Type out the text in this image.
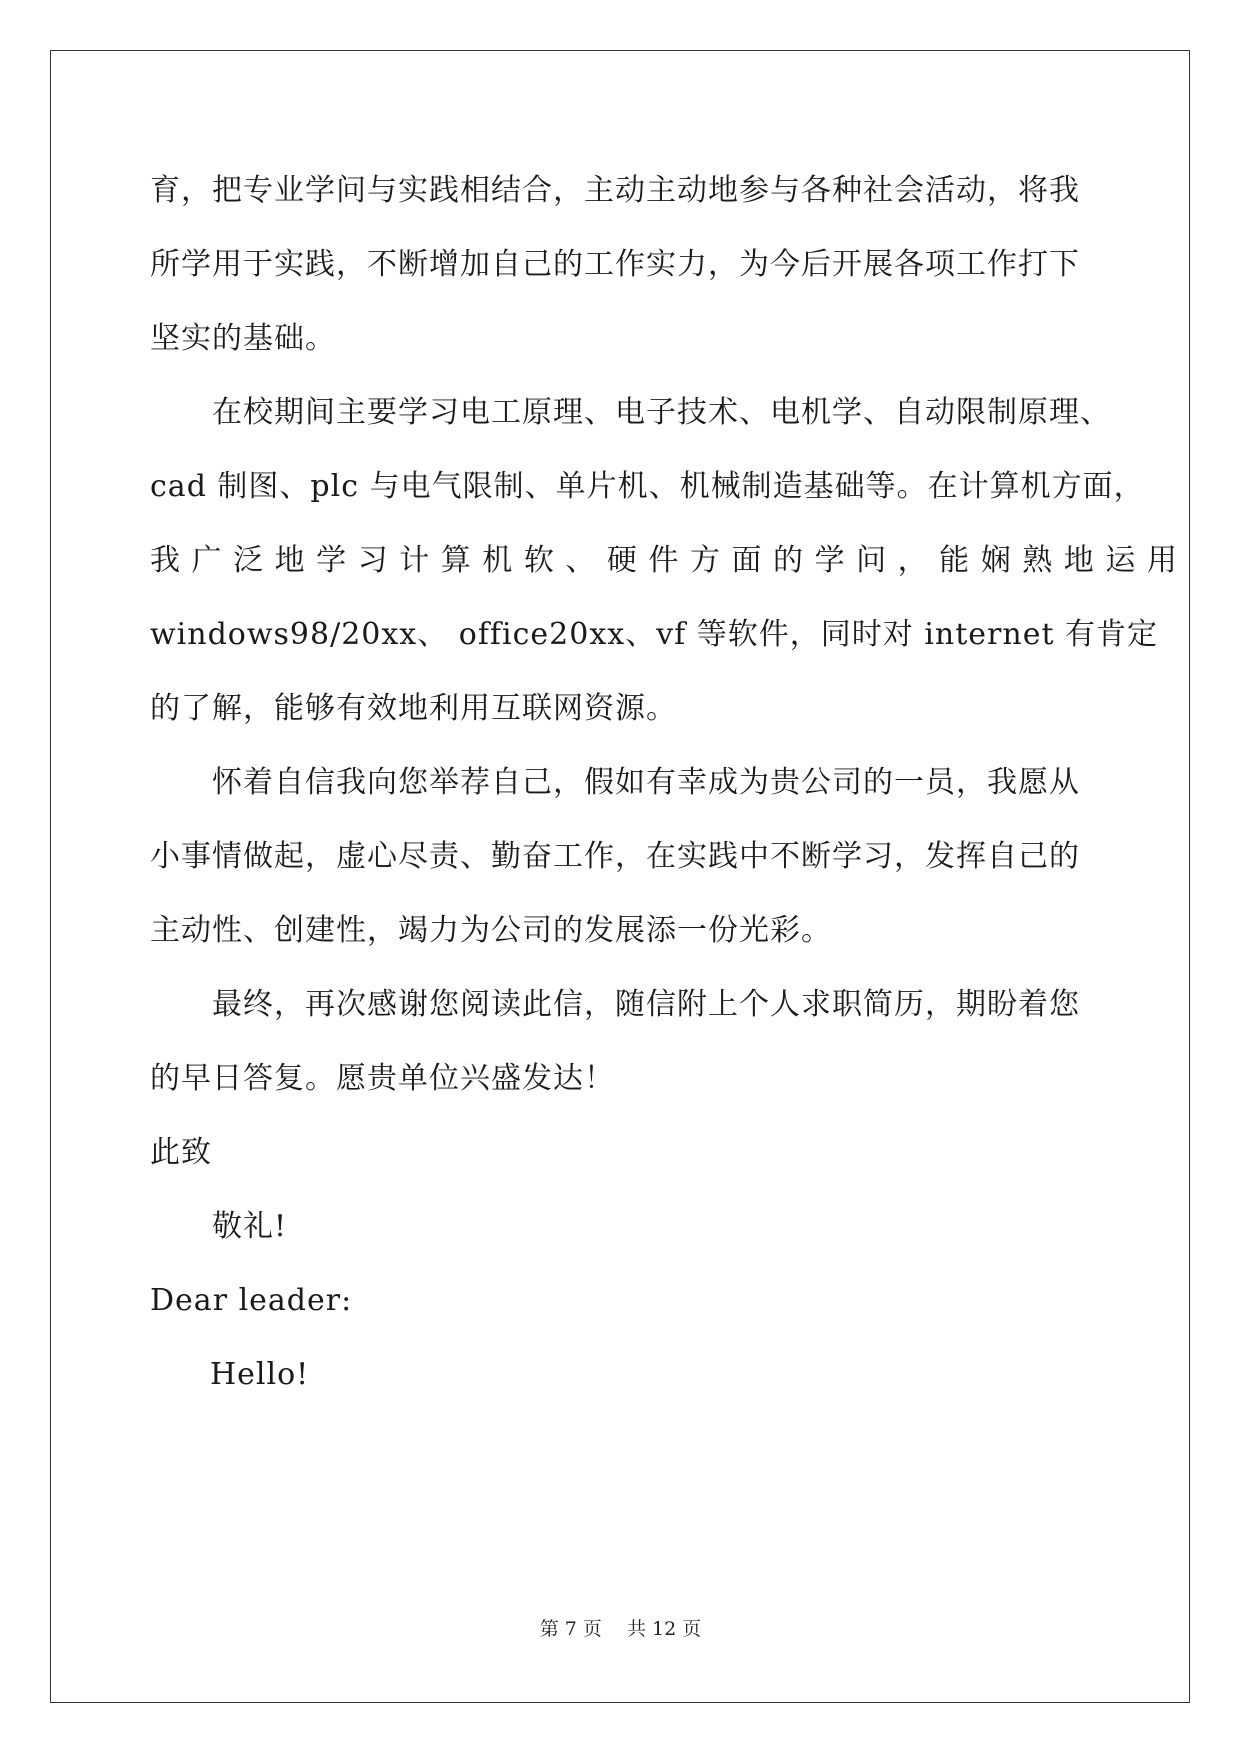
育，把专业学问与实践相结合，主动主动地参与各种社会活动，将我
所学用于实践，不断增加自己的工作实力，为今后开展各项工作打下
坚实的基础。
在校期间主要学习电工原理、电子技术、电机学、自动限制原理、
cad 制图、plc 与电气限制、单片机、机械制造基础等。在计算机方面，
我 广 泛 地 学 习 计 算 机 软 、 硬 件 方 面 的 学 问 ， 能 娴 熟 地 运 用
windows98/20xx、 office20xx、vf 等软件，同时对 internet 有肯定
的了解，能够有效地利用互联网资源。
怀着自信我向您举荐自己，假如有幸成为贵公司的一员，我愿从
小事情做起，虚心尽责、勤奋工作，在实践中不断学习，发挥自己的
主动性、创建性，竭力为公司的发展添一份光彩。
最终，再次感谢您阅读此信，随信附上个人求职简历，期盼着您
的早日答复。愿贵单位兴盛发达！
此致
敬礼!
Dear leader:
Hello!
第 7 页　 共 12 页
